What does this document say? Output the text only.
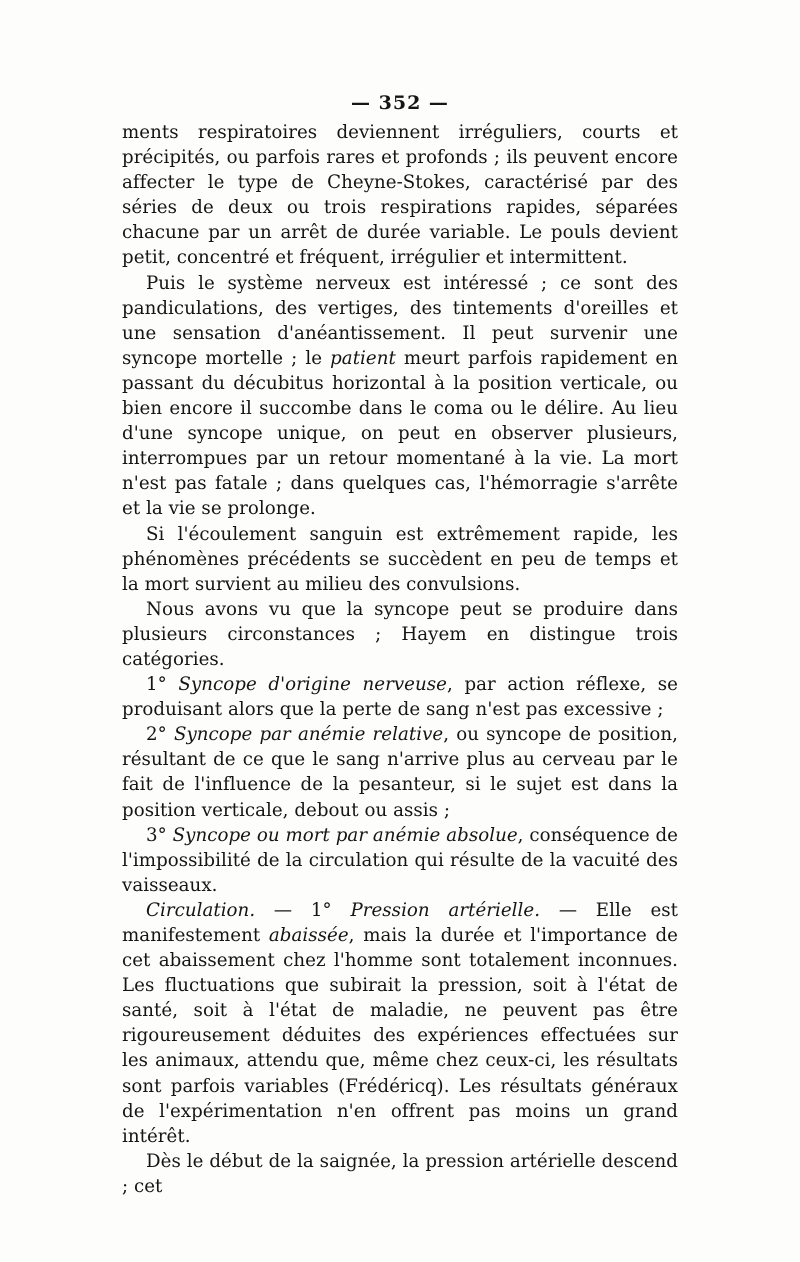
— 352 —

ments respiratoires deviennent irréguliers, courts et précipités, ou parfois rares et profonds ; ils peuvent encore affecter le type de Cheyne-Stokes, caractérisé par des séries de deux ou trois respirations rapides, séparées chacune par un arrêt de durée variable. Le pouls devient petit, concentré et fréquent, irrégulier et intermittent.

Puis le système nerveux est intéressé ; ce sont des pandiculations, des vertiges, des tintements d'oreilles et une sensation d'anéantissement. Il peut survenir une syncope mortelle ; le patient meurt parfois rapidement en passant du décubitus horizontal à la position verticale, ou bien encore il succombe dans le coma ou le délire. Au lieu d'une syncope unique, on peut en observer plusieurs, interrompues par un retour momentané à la vie. La mort n'est pas fatale ; dans quelques cas, l'hémorragie s'arrête et la vie se prolonge.

Si l'écoulement sanguin est extrêmement rapide, les phénomènes précédents se succèdent en peu de temps et la mort survient au milieu des convulsions.

Nous avons vu que la syncope peut se produire dans plusieurs circonstances ; Hayem en distingue trois catégories.

1° Syncope d'origine nerveuse, par action réflexe, se produisant alors que la perte de sang n'est pas excessive ;

2° Syncope par anémie relative, ou syncope de position, résultant de ce que le sang n'arrive plus au cerveau par le fait de l'influence de la pesanteur, si le sujet est dans la position verticale, debout ou assis ;

3° Syncope ou mort par anémie absolue, conséquence de l'impossibilité de la circulation qui résulte de la vacuité des vaisseaux.

Circulation. — 1° Pression artérielle. — Elle est manifestement abaissée, mais la durée et l'importance de cet abaissement chez l'homme sont totalement inconnues. Les fluctuations que subirait la pression, soit à l'état de santé, soit à l'état de maladie, ne peuvent pas être rigoureusement déduites des expériences effectuées sur les animaux, attendu que, même chez ceux-ci, les résultats sont parfois variables (Frédéricq). Les résultats généraux de l'expérimentation n'en offrent pas moins un grand intérêt.

Dès le début de la saignée, la pression artérielle descend ; cet
